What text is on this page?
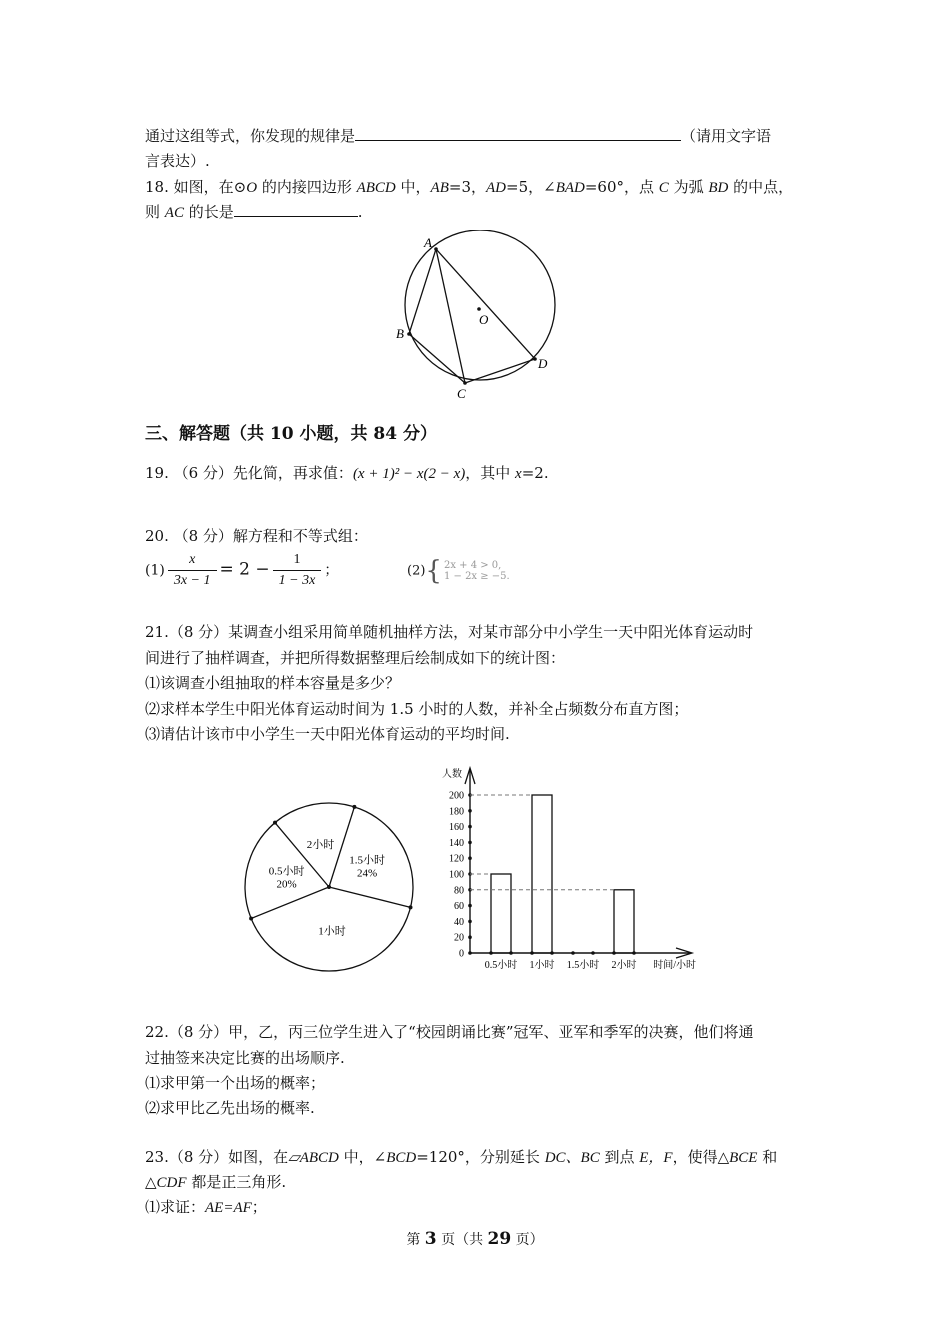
通过这组等式，你发现的规律是	（请用文字语
言表达）.
18. 如图，在⊙O 的内接四边形 ABCD 中，AB=3，AD=5，∠BAD=60°，点 C 为弧 BD 的中点，
则 AC 的长是	.
A
B
C
D
O
三、解答题（共 10 小题，共 84 分）
19. （6 分）先化简，再求值：(x + 1)² − x(2 − x)，其中 x=2.
20. （8 分）解方程和不等式组：
$(1) \frac{x}{3x - 1} = 2 - \frac{1}{1 - 3x}$ ；	(2){ 2x + 4 > 0,
1 − 2x ≥ −5.
21.（8 分）某调查小组采用简单随机抽样方法，对某市部分中小学生一天中阳光体育运动时
间进行了抽样调查，并把所得数据整理后绘制成如下的统计图：
⑴该调查小组抽取的样本容量是多少？
⑵求样本学生中阳光体育运动时间为 1.5 小时的人数，并补全占频数分布直方图；
⑶请估计该市中小学生一天中阳光体育运动的平均时间.
0.5小时
20%
2小时
1.5小时
24%
1小时
人数
0
20
40
60
80
100
120
140
160
180
200
0.5小时 1小时 1.5小时 2小时 时间/小时
22.（8 分）甲，乙，丙三位学生进入了“校园朗诵比赛”冠军、亚军和季军的决赛，他们将通
过抽签来决定比赛的出场顺序.
⑴求甲第一个出场的概率；
⑵求甲比乙先出场的概率.
23.（8 分）如图，在▱ABCD 中，∠BCD=120°，分别延长 DC、BC 到点 E，F，使得△BCE 和
△CDF 都是正三角形.
⑴求证：AE=AF；
第 3 页（共 29 页）
